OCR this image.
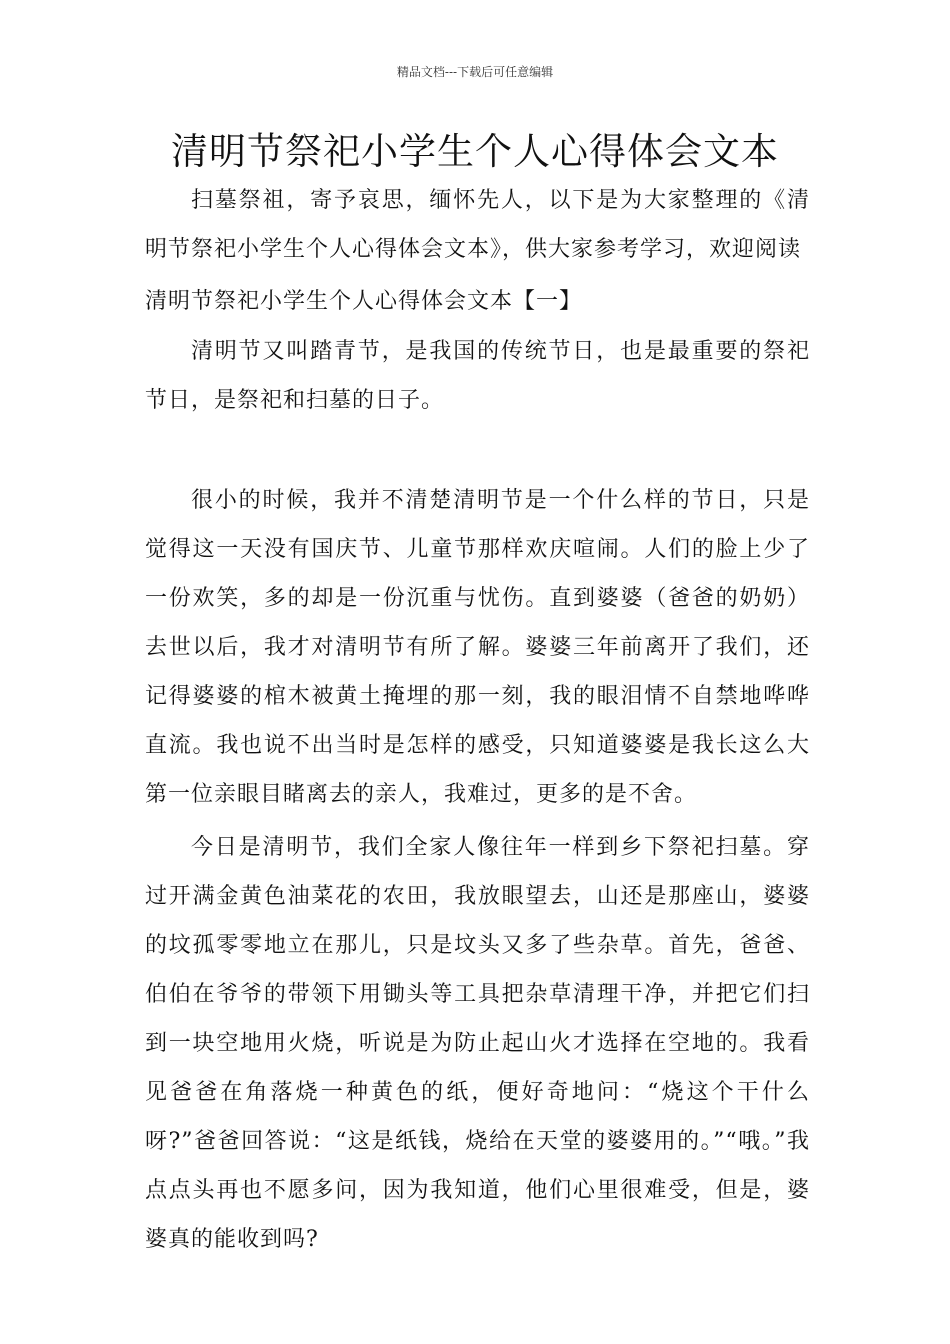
精品文档---下载后可任意编辑
清明节祭祀小学生个人心得体会文本

扫墓祭祖，寄予哀思，缅怀先人，以下是为大家整理的《清明节祭祀小学生个人心得体会文本》，供大家参考学习，欢迎阅读

清明节祭祀小学生个人心得体会文本【一】

清明节又叫踏青节，是我国的传统节日，也是最重要的祭祀节日，是祭祀和扫墓的日子。

很小的时候，我并不清楚清明节是一个什么样的节日，只是觉得这一天没有国庆节、儿童节那样欢庆喧闹。人们的脸上少了一份欢笑，多的却是一份沉重与忧伤。直到婆婆（爸爸的奶奶）去世以后，我才对清明节有所了解。婆婆三年前离开了我们，还记得婆婆的棺木被黄土掩埋的那一刻，我的眼泪情不自禁地哗哗直流。我也说不出当时是怎样的感受，只知道婆婆是我长这么大第一位亲眼目睹离去的亲人，我难过，更多的是不舍。

今日是清明节，我们全家人像往年一样到乡下祭祀扫墓。穿过开满金黄色油菜花的农田，我放眼望去，山还是那座山，婆婆的坟孤零零地立在那儿，只是坟头又多了些杂草。首先，爸爸、伯伯在爷爷的带领下用锄头等工具把杂草清理干净，并把它们扫到一块空地用火烧，听说是为防止起山火才选择在空地的。我看见爸爸在角落烧一种黄色的纸，便好奇地问：“烧这个干什么呀?”爸爸回答说：“这是纸钱，烧给在天堂的婆婆用的。”“哦。”我点点头再也不愿多问，因为我知道，他们心里很难受，但是，婆婆真的能收到吗?
